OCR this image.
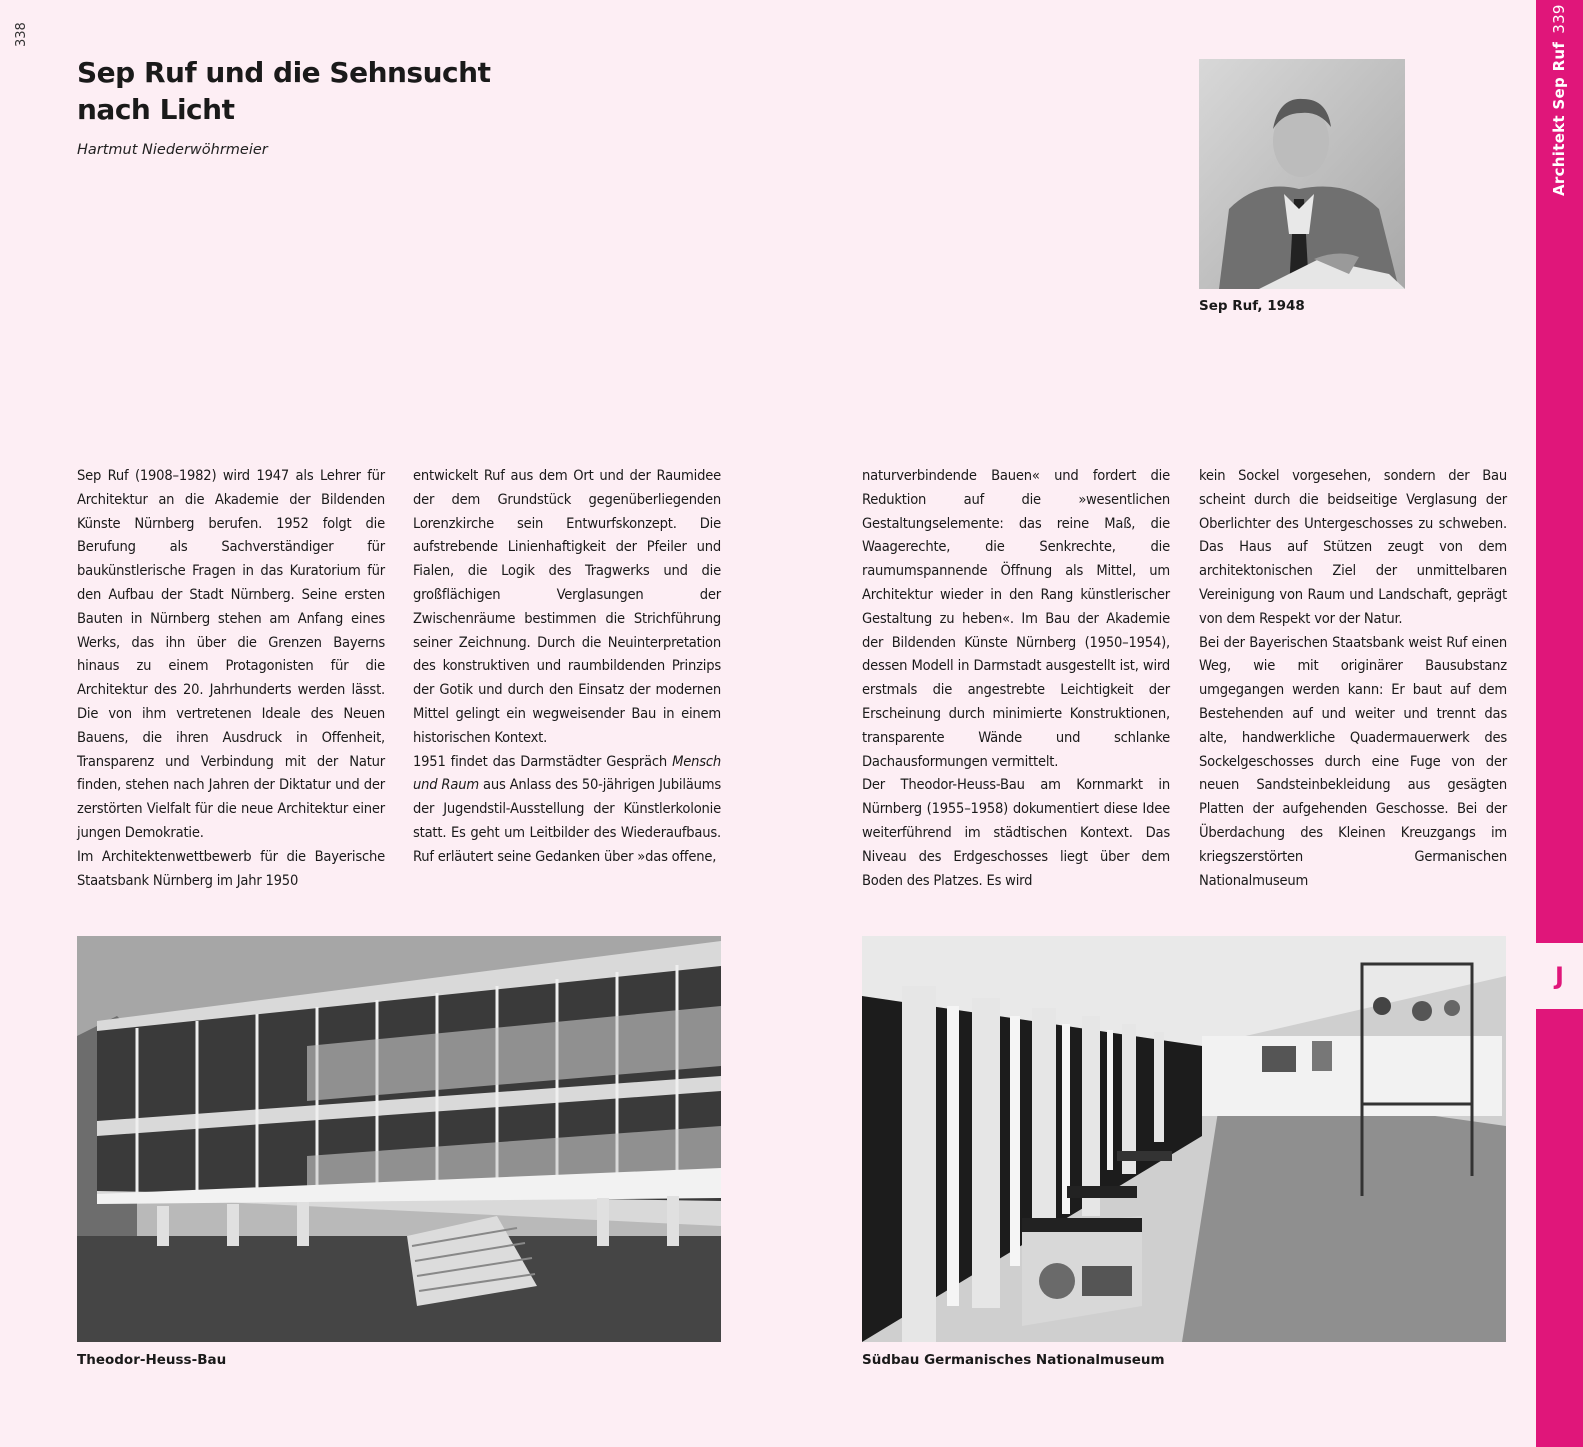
338
Sep Ruf und die Sehnsucht
nach Licht
Hartmut Niederwöhrmeier
Sep Ruf, 1948

Sep Ruf (1908–1982) wird 1947 als Lehrer für Architektur an die Akademie der Bildenden Künste Nürnberg berufen. 1952 folgt die Berufung als Sachverständiger für baukünstlerische Fragen in das Kuratorium für den Aufbau der Stadt Nürnberg. Seine ersten Bauten in Nürnberg stehen am Anfang eines Werks, das ihn über die Grenzen Bayerns hinaus zu einem Protagonisten für die Architektur des 20. Jahrhunderts werden lässt. Die von ihm vertretenen Ideale des Neuen Bauens, die ihren Ausdruck in Offenheit, Transparenz und Verbindung mit der Natur finden, stehen nach Jahren der Diktatur und der zerstörten Vielfalt für die neue Architektur einer jungen Demokratie.

Im Architektenwettbewerb für die Bayerische Staatsbank Nürnberg im Jahr 1950

entwickelt Ruf aus dem Ort und der Raumidee der dem Grundstück gegenüberliegenden Lorenzkirche sein Entwurfskonzept. Die aufstrebende Linienhaftigkeit der Pfeiler und Fialen, die Logik des Tragwerks und die großflächigen Verglasungen der Zwischenräume bestimmen die Strichführung seiner Zeichnung. Durch die Neuinterpretation des konstruktiven und raumbildenden Prinzips der Gotik und durch den Einsatz der modernen Mittel gelingt ein wegweisender Bau in einem historischen Kontext.

1951 findet das Darmstädter Gespräch Mensch und Raum aus Anlass des 50-jährigen Jubiläums der Jugendstil-Ausstellung der Künstlerkolonie statt. Es geht um Leitbilder des Wiederaufbaus. Ruf erläutert seine Gedanken über »das offene,

naturverbindende Bauen« und fordert die Reduktion auf die »wesentlichen Gestaltungselemente: das reine Maß, die Waagerechte, die Senkrechte, die raumumspannende Öffnung als Mittel, um Architektur wieder in den Rang künstlerischer Gestaltung zu heben«. Im Bau der Akademie der Bildenden Künste Nürnberg (1950–1954), dessen Modell in Darmstadt ausgestellt ist, wird erstmals die angestrebte Leichtigkeit der Erscheinung durch minimierte Konstruktionen, transparente Wände und schlanke Dachausformungen vermittelt.

Der Theodor-Heuss-Bau am Kornmarkt in Nürnberg (1955–1958) dokumentiert diese Idee weiterführend im städtischen Kontext. Das Niveau des Erdgeschosses liegt über dem Boden des Platzes. Es wird

kein Sockel vorgesehen, sondern der Bau scheint durch die beidseitige Verglasung der Oberlichter des Untergeschosses zu schweben. Das Haus auf Stützen zeugt von dem architektonischen Ziel der unmittelbaren Vereinigung von Raum und Landschaft, geprägt von dem Respekt vor der Natur.

Bei der Bayerischen Staatsbank weist Ruf einen Weg, wie mit originärer Bausubstanz umgegangen werden kann: Er baut auf dem Bestehenden auf und weiter und trennt das alte, handwerkliche Quadermauerwerk des Sockelgeschosses durch eine Fuge von der neuen Sandsteinbekleidung aus gesägten Platten der aufgehenden Geschosse. Bei der Überdachung des Kleinen Kreuzgangs im kriegszerstörten Germanischen Nationalmuseum

Theodor-Heuss-Bau	Südbau Germanisches Nationalmuseum
Architekt Sep Ruf339
J
